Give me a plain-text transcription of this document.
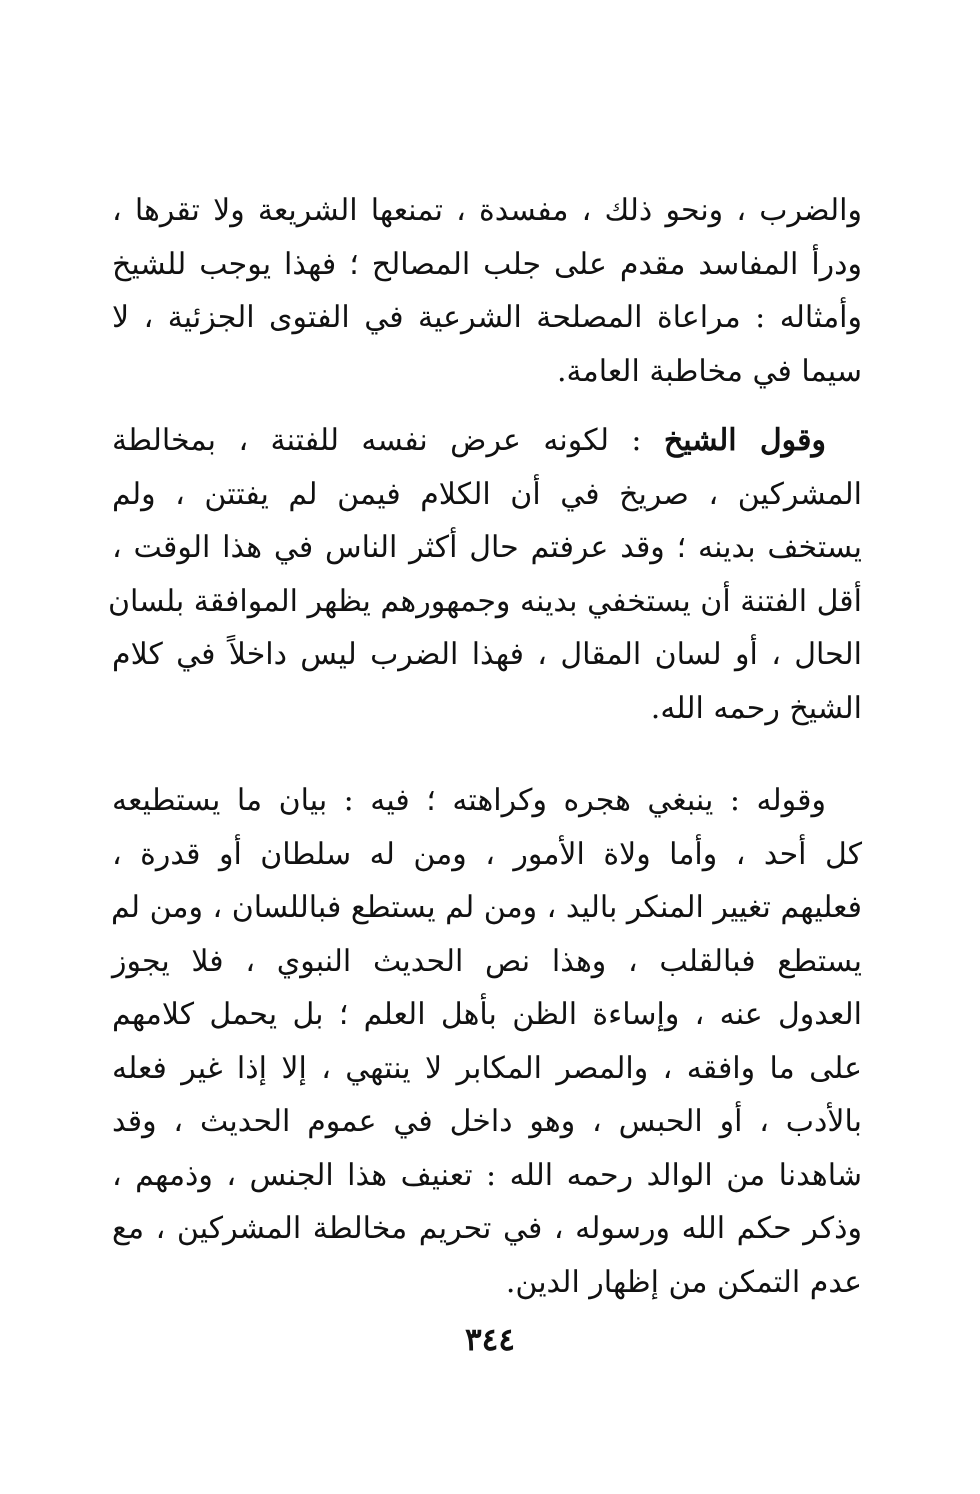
والضرب ، ونحو ذلك ، مفسدة ، تمنعها الشريعة ولا تقرها ،
ودرأ المفاسد مقدم على جلب المصالح ؛ فهذا يوجب للشيخ
وأمثاله : مراعاة المصلحة الشرعية في الفتوى الجزئية ، لا
سيما في مخاطبة العامة.
وقول الشيخ : لكونه عرض نفسه للفتنة ، بمخالطة
المشركين ، صريخ في أن الكلام فيمن لم يفتتن ، ولم
يستخف بدينه ؛ وقد عرفتم حال أكثر الناس في هذا الوقت ،
أقل الفتنة أن يستخفي بدينه وجمهورهم يظهر الموافقة بلسان
الحال ، أو لسان المقال ، فهذا الضرب ليس داخلاً في كلام
الشيخ رحمه الله.
وقوله : ينبغي هجره وكراهته ؛ فيه : بيان ما يستطيعه
كل أحد ، وأما ولاة الأمور ، ومن له سلطان أو قدرة ،
فعليهم تغيير المنكر باليد ، ومن لم يستطع فباللسان ، ومن لم
يستطع فبالقلب ، وهذا نص الحديث النبوي ، فلا يجوز
العدول عنه ، وإساءة الظن بأهل العلم ؛ بل يحمل كلامهم
على ما وافقه ، والمصر المكابر لا ينتهي ، إلا إذا غير فعله
بالأدب ، أو الحبس ، وهو داخل في عموم الحديث ، وقد
شاهدنا من الوالد رحمه الله : تعنيف هذا الجنس ، وذمهم ،
وذكر حكم الله ورسوله ، في تحريم مخالطة المشركين ، مع
عدم التمكن من إظهار الدين.
٣٤٤
